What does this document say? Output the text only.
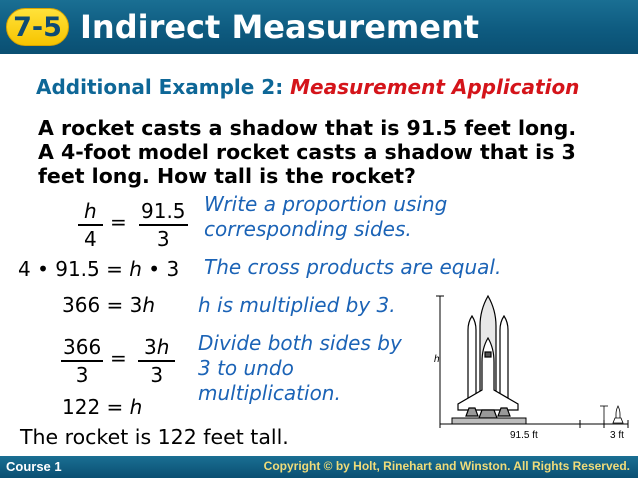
7-5 Indirect Measurement
Additional Example 2: Measurement Application
A rocket casts a shadow that is 91.5 feet long.
A 4-foot model rocket casts a shadow that is 3
feet long. How tall is the rocket?
$\frac{h}{4} = \frac{91.5}{3}$ Write a proportion using
corresponding sides.
4 • 91.5 = h • 3 The cross products are equal.
366 = 3h h is multiplied by 3.
$\frac{366}{3} = \frac{3h}{3}$ Divide both sides by
3 to undo
multiplication.
122 = h
The rocket is 122 feet tall.
h
91.5 ft	3 ft
Course 1	Copyright © by Holt, Rinehart and Winston. All Rights Reserved.
